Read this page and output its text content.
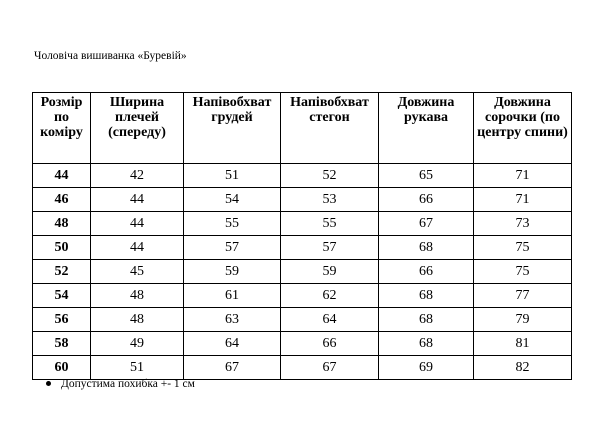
Чоловіча вишиванка «Буревій»
Розмір по коміру	Ширина плечей (спереду)	Напівобхват грудей	Напівобхват стегон	Довжина рукава	Довжина сорочки (по центру спини)
44	42	51	52	65	71
46	44	54	53	66	71
48	44	55	55	67	73
50	44	57	57	68	75
52	45	59	59	66	75
54	48	61	62	68	77
56	48	63	64	68	79
58	49	64	66	68	81
60	51	67	67	69	82
Допустима похибка +- 1 см
